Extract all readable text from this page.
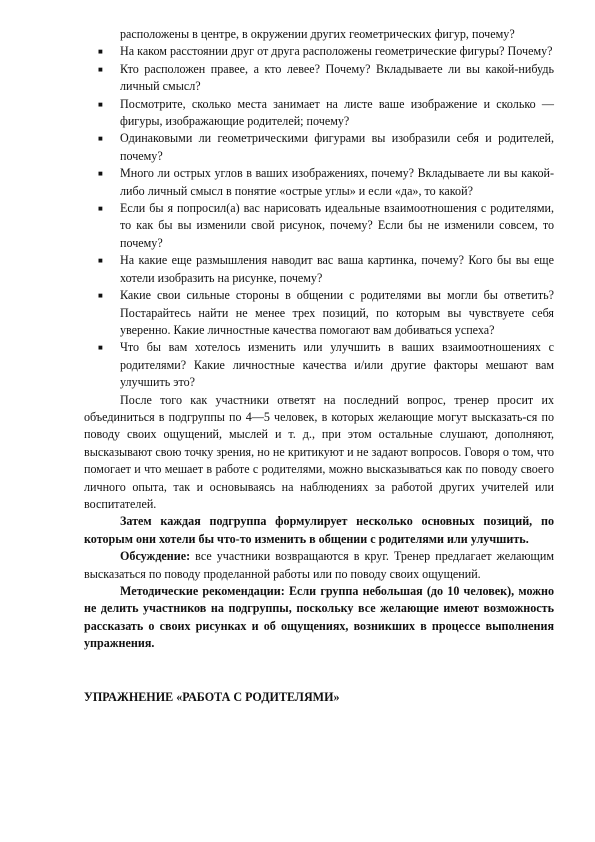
расположены в центре, в окружении других геометрических фигур, почему?
■ На каком расстоянии друг от друга расположены геометрические фигуры? Почему?
■ Кто расположен правее, а кто левее? Почему? Вкладываете ли вы какой-нибудь личный смысл?
■ Посмотрите, сколько места занимает на листе ваше изображение и сколько — фигуры, изображающие родителей; почему?
■ Одинаковыми ли геометрическими фигурами вы изобразили себя и родителей, почему?
■ Много ли острых углов в ваших изображениях, почему? Вкладываете ли вы какой-либо личный смысл в понятие «острые углы» и если «да», то какой?
■ Если бы я попросил(а) вас нарисовать идеальные взаимоотношения с родителями, то как бы вы изменили свой рисунок, почему? Если бы не изменили совсем, то почему?
■ На какие еще размышления наводит вас ваша картинка, почему? Кого бы вы еще хотели изобразить на рисунке, почему?
■ Какие свои сильные стороны в общении с родителями вы могли бы ответить? Постарайтесь найти не менее трех позиций, по которым вы чувствуете себя уверенно. Какие личностные качества помогают вам добиваться успеха?
■ Что бы вам хотелось изменить или улучшить в ваших взаимоотношениях с родителями? Какие личностные качества и/или другие факторы мешают вам улучшить это?

После того как участники ответят на последний вопрос, тренер просит их объединиться в подгруппы по 4—5 человек, в которых желающие могут высказать-ся по поводу своих ощущений, мыслей и т. д., при этом остальные слушают, дополняют, высказывают свою точку зрения, но не критикуют и не задают вопросов. Говоря о том, что помогает и что мешает в работе с родителями, можно высказываться как по поводу своего личного опыта, так и основываясь на наблюдениях за работой других учителей или воспитателей.

Затем каждая подгруппа формулирует несколько основных позиций, по которым они хотели бы что-то изменить в общении с родителями или улучшить.

Обсуждение: все участники возвращаются в круг. Тренер предлагает желающим высказаться по поводу проделанной работы или по поводу своих ощущений.

Методические рекомендации: Если группа небольшая (до 10 человек), можно не делить участников на подгруппы, поскольку все желающие имеют возможность рассказать о своих рисунках и об ощущениях, возникших в процессе выполнения упражнения.

УПРАЖНЕНИЕ «РАБОТА С РОДИТЕЛЯМИ»
